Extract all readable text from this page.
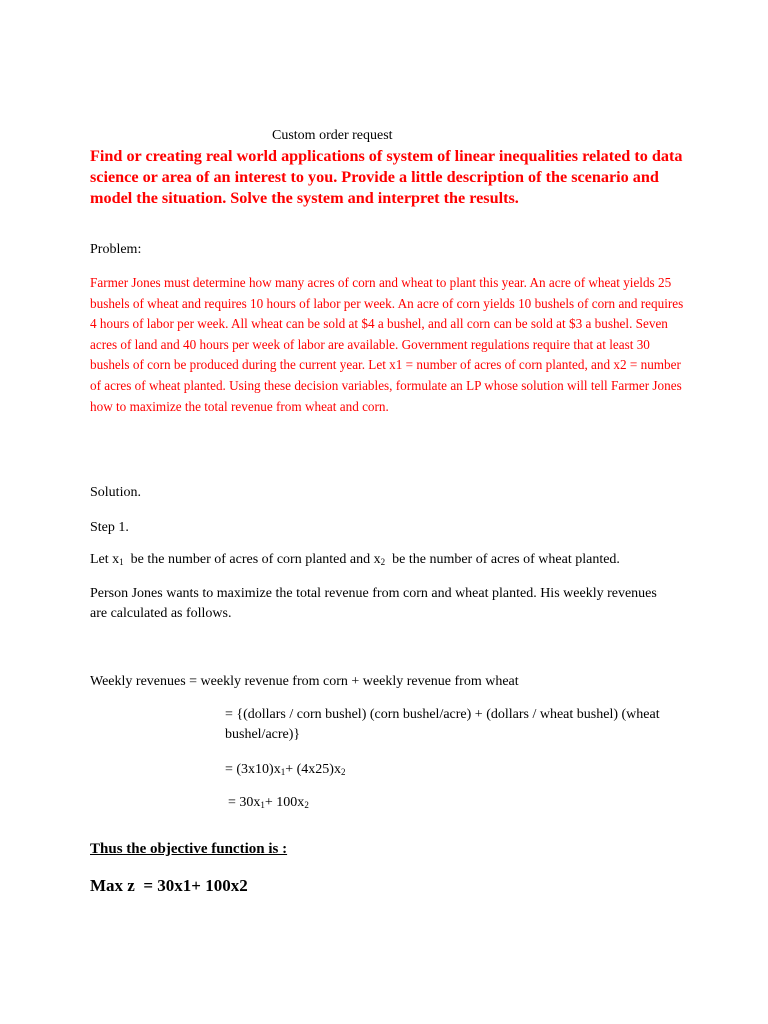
Custom order request

Find or creating real world applications of system of linear inequalities related to data science or area of an interest to you. Provide a little description of the scenario and model the situation. Solve the system and interpret the results.

Problem:

Farmer Jones must determine how many acres of corn and wheat to plant this year. An acre of wheat yields 25 bushels of wheat and requires 10 hours of labor per week. An acre of corn yields 10 bushels of corn and requires 4 hours of labor per week. All wheat can be sold at $4 a bushel, and all corn can be sold at $3 a bushel. Seven acres of land and 40 hours per week of labor are available. Government regulations require that at least 30 bushels of corn be produced during the current year. Let x1 = number of acres of corn planted, and x2 = number of acres of wheat planted. Using these decision variables, formulate an LP whose solution will tell Farmer Jones how to maximize the total revenue from wheat and corn.

Solution.

Step 1.

Let $x_1$  be the number of acres of corn planted and $x_2$  be the number of acres of wheat planted.

Person Jones wants to maximize the total revenue from corn and wheat planted. His weekly revenues are calculated as follows.

Weekly revenues = weekly revenue from corn + weekly revenue from wheat

= {(dollars / corn bushel) (corn bushel/acre) + (dollars / wheat bushel) (wheat bushel/acre)}

= $(3x10)x_1+ (4x25)x_2$

= $30x_1+ 100x_2$

Thus the objective function is :

Max z  = 30x1+ 100x2
